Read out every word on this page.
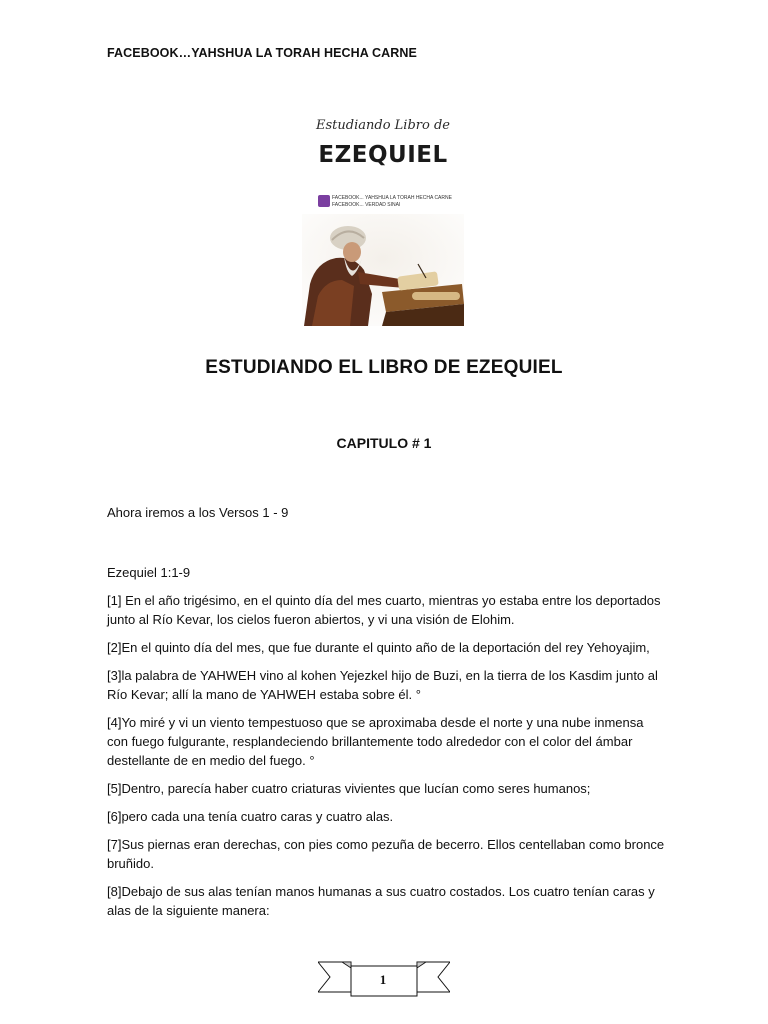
FACEBOOK…YAHSHUA LA TORAH HECHA CARNE
Estudiando Libro de
EZEQUIEL
FACEBOOK... YAHSHUA LA TORAH HECHA CARNE
FACEBOOK... VERDAD SINAI
ESTUDIANDO EL LIBRO DE EZEQUIEL
CAPITULO # 1
Ahora iremos a los Versos 1 - 9
Ezequiel 1:1-9

[1] En el año trigésimo, en el quinto día del mes cuarto, mientras yo estaba entre los deportados junto al Río Kevar, los cielos fueron abiertos, y vi una visión de Elohim.

[2]En el quinto día del mes, que fue durante el quinto año de la deportación del rey Yehoyajim,

[3]la palabra de YAHWEH vino al kohen Yejezkel hijo de Buzi, en la tierra de los Kasdim junto al Río Kevar; allí la mano de YAHWEH estaba sobre él. °

[4]Yo miré y vi un viento tempestuoso que se aproximaba desde el norte y una nube inmensa con fuego fulgurante, resplandeciendo brillantemente todo alrededor con el color del ámbar destellante de en medio del fuego. °

[5]Dentro, parecía haber cuatro criaturas vivientes que lucían como seres humanos;

[6]pero cada una tenía cuatro caras y cuatro alas.

[7]Sus piernas eran derechas, con pies como pezuña de becerro. Ellos centellaban como bronce bruñido.

[8]Debajo de sus alas tenían manos humanas a sus cuatro costados. Los cuatro tenían caras y alas de la siguiente manera:

1
